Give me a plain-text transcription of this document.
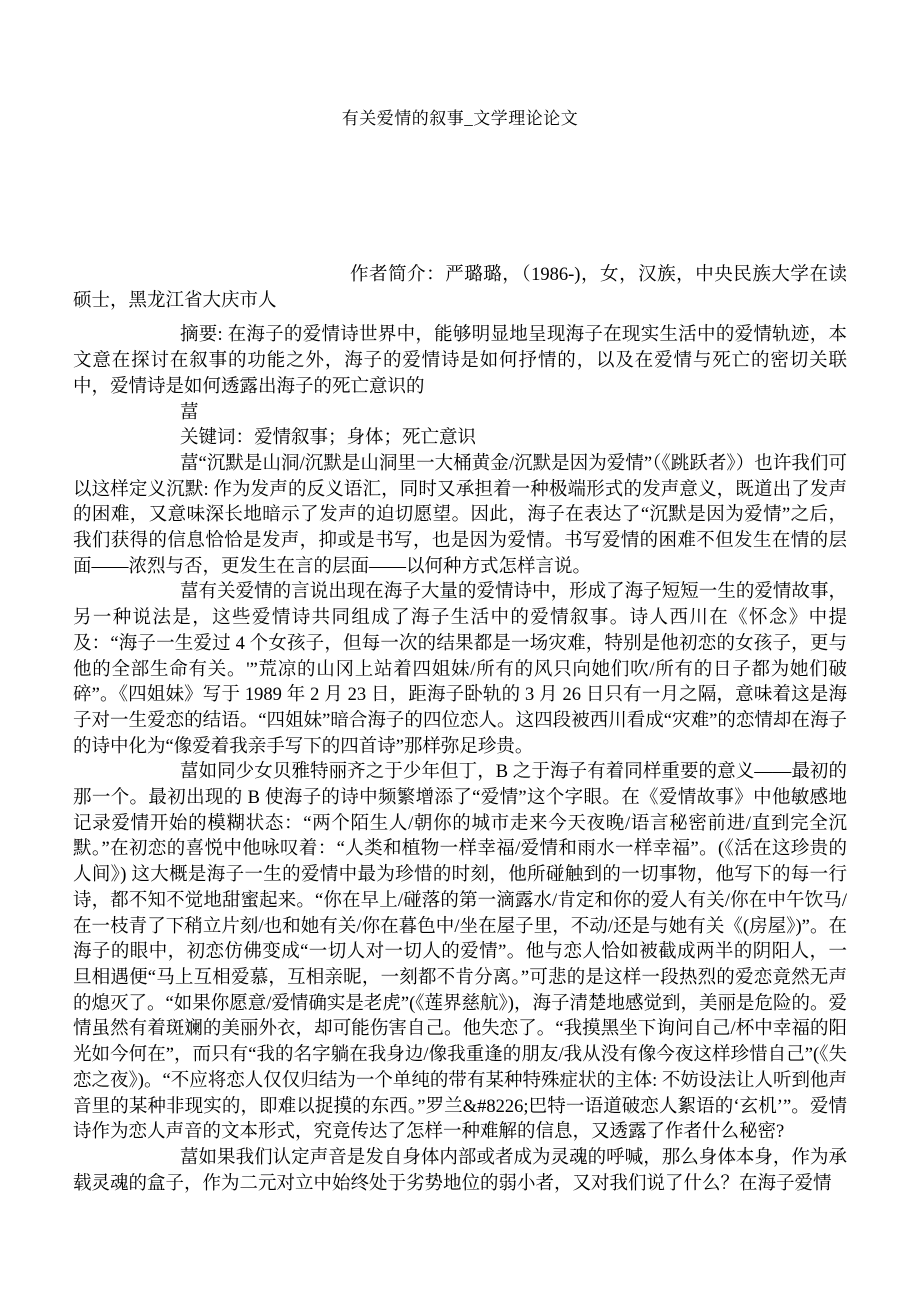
有关爱情的叙事_文学理论论文

作者简介：严璐璐，（1986-)，女，汉族，中央民族大学在读硕士，黑龙江省大庆市人

摘要: 在海子的爱情诗世界中，能够明显地呈现海子在现实生活中的爱情轨迹，本文意在探讨在叙事的功能之外，海子的爱情诗是如何抒情的，以及在爱情与死亡的密切关联中，爱情诗是如何透露出海子的死亡意识的

葍

关键词：爱情叙事；身体；死亡意识

葍“沉默是山洞/沉默是山洞里一大桶黄金/沉默是因为爱情”（《跳跃者》）也许我们可以这样定义沉默: 作为发声的反义语汇，同时又承担着一种极端形式的发声意义，既道出了发声的困难，又意味深长地暗示了发声的迫切愿望。因此，海子在表达了“沉默是因为爱情”之后，我们获得的信息恰恰是发声，抑或是书写，也是因为爱情。书写爱情的困难不但发生在情的层面——浓烈与否，更发生在言的层面——以何种方式怎样言说。

葍有关爱情的言说出现在海子大量的爱情诗中，形成了海子短短一生的爱情故事，另一种说法是，这些爱情诗共同组成了海子生活中的爱情叙事。诗人西川在《怀念》中提及：“海子一生爱过 4 个女孩子，但每一次的结果都是一场灾难，特别是他初恋的女孩子，更与他的全部生命有关。'”荒凉的山冈上站着四姐妹/所有的风只向她们吹/所有的日子都为她们破碎”。《四姐妹》写于 1989 年 2 月 23 日，距海子卧轨的 3 月 26 日只有一月之隔，意味着这是海子对一生爱恋的结语。“四姐妹”暗合海子的四位恋人。这四段被西川看成“灾难”的恋情却在海子的诗中化为“像爱着我亲手写下的四首诗”那样弥足珍贵。

葍如同少女贝雅特丽齐之于少年但丁，B 之于海子有着同样重要的意义——最初的那一个。最初出现的 B 使海子的诗中频繁增添了“爱情”这个字眼。在《爱情故事》中他敏感地记录爱情开始的模糊状态：“两个陌生人/朝你的城市走来今天夜晚/语言秘密前进/直到完全沉默。”在初恋的喜悦中他咏叹着：“人类和植物一样幸福/爱情和雨水一样幸福”。(《活在这珍贵的人间》) 这大概是海子一生的爱情中最为珍惜的时刻，他所碰触到的一切事物，他写下的每一行诗，都不知不觉地甜蜜起来。“你在早上/碰落的第一滴露水/肯定和你的爱人有关/你在中午饮马/在一枝青了下稍立片刻/也和她有关/你在暮色中/坐在屋子里，不动/还是与她有关《(房屋》)”。在海子的眼中，初恋仿佛变成“一切人对一切人的爱情”。他与恋人恰如被截成两半的阴阳人，一旦相遇便“马上互相爱慕，互相亲昵，一刻都不肯分离。”可悲的是这样一段热烈的爱恋竟然无声的熄灭了。“如果你愿意/爱情确实是老虎”(《莲界慈航》)，海子清楚地感觉到，美丽是危险的。爱情虽然有着斑斓的美丽外衣，却可能伤害自己。他失恋了。“我摸黑坐下询问自己/杯中幸福的阳光如今何在”，而只有“我的名字躺在我身边/像我重逢的朋友/我从没有像今夜这样珍惜自己”(《失恋之夜》)。“不应将恋人仅仅归结为一个单纯的带有某种特殊症状的主体: 不妨设法让人听到他声音里的某种非现实的，即难以捉摸的东西。”罗兰&#8226;巴特一语道破恋人絮语的‘玄机’”。爱情诗作为恋人声音的文本形式，究竟传达了怎样一种难解的信息，又透露了作者什么秘密?

葍如果我们认定声音是发自身体内部或者成为灵魂的呼喊，那么身体本身，作为承载灵魂的盒子，作为二元对立中始终处于劣势地位的弱小者，又对我们说了什么？在海子爱情
